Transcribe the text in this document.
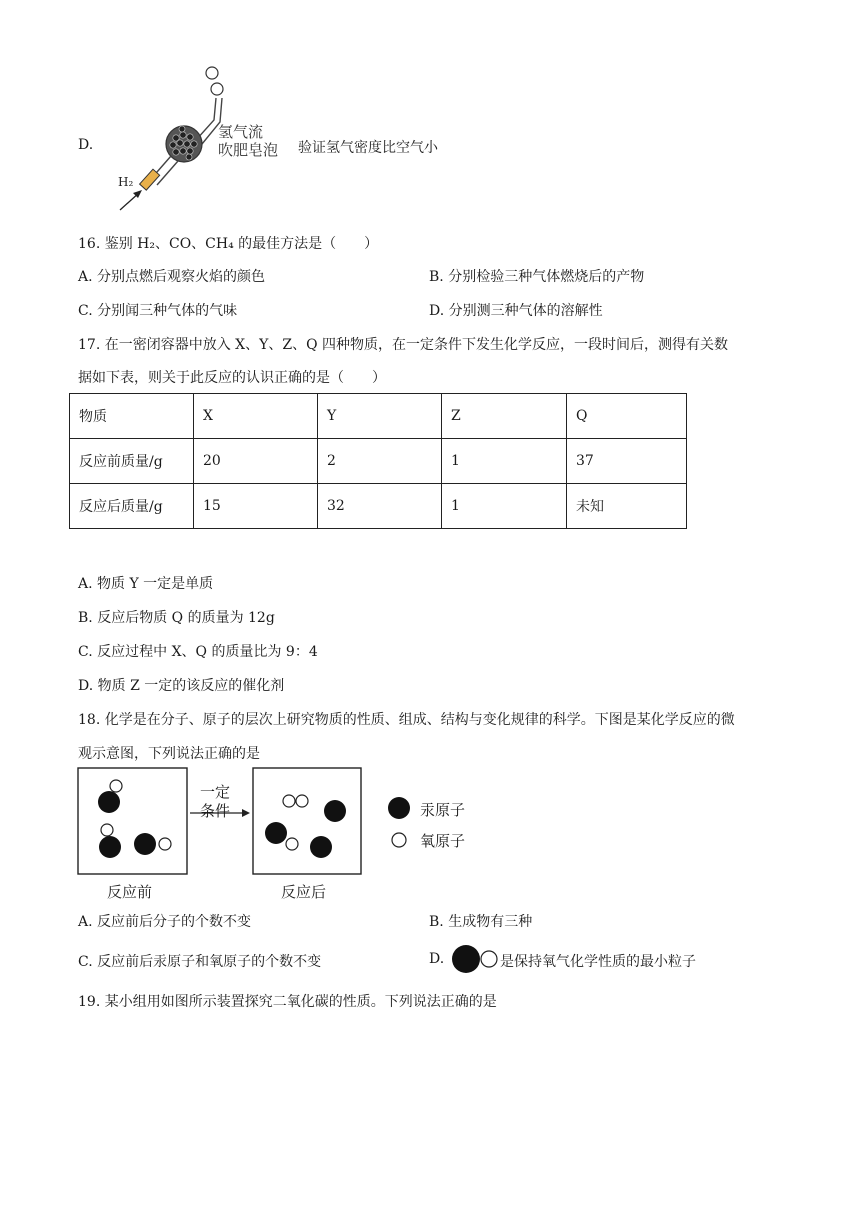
D.
H₂
氢气流
吹肥皂泡 验证氢气密度比空气小
16. 鉴别 H₂、CO、CH₄ 的最佳方法是（　　）
A. 分别点燃后观察火焰的颜色	B. 分别检验三种气体燃烧后的产物
C. 分别闻三种气体的气味	D. 分别测三种气体的溶解性
17. 在一密闭容器中放入 X、Y、Z、Q 四种物质，在一定条件下发生化学反应，一段时间后，测得有关数
据如下表，则关于此反应的认识正确的是（　　）
物质	X	Y	Z	Q
反应前质量/g	20	2	1	37
反应后质量/g	15	32	1	未知
A. 物质 Y 一定是单质
B. 反应后物质 Q 的质量为 12g
C. 反应过程中 X、Q 的质量比为 9：4
D. 物质 Z 一定的该反应的催化剂
18. 化学是在分子、原子的层次上研究物质的性质、组成、结构与变化规律的科学。下图是某化学反应的微
观示意图，下列说法正确的是
一定
条件	汞原子
氧原子
反应前	反应后
A. 反应前后分子的个数不变	B. 生成物有三种
C. 反应前后汞原子和氧原子的个数不变	D.	是保持氧气化学性质的最小粒子
19. 某小组用如图所示装置探究二氧化碳的性质。下列说法正确的是
